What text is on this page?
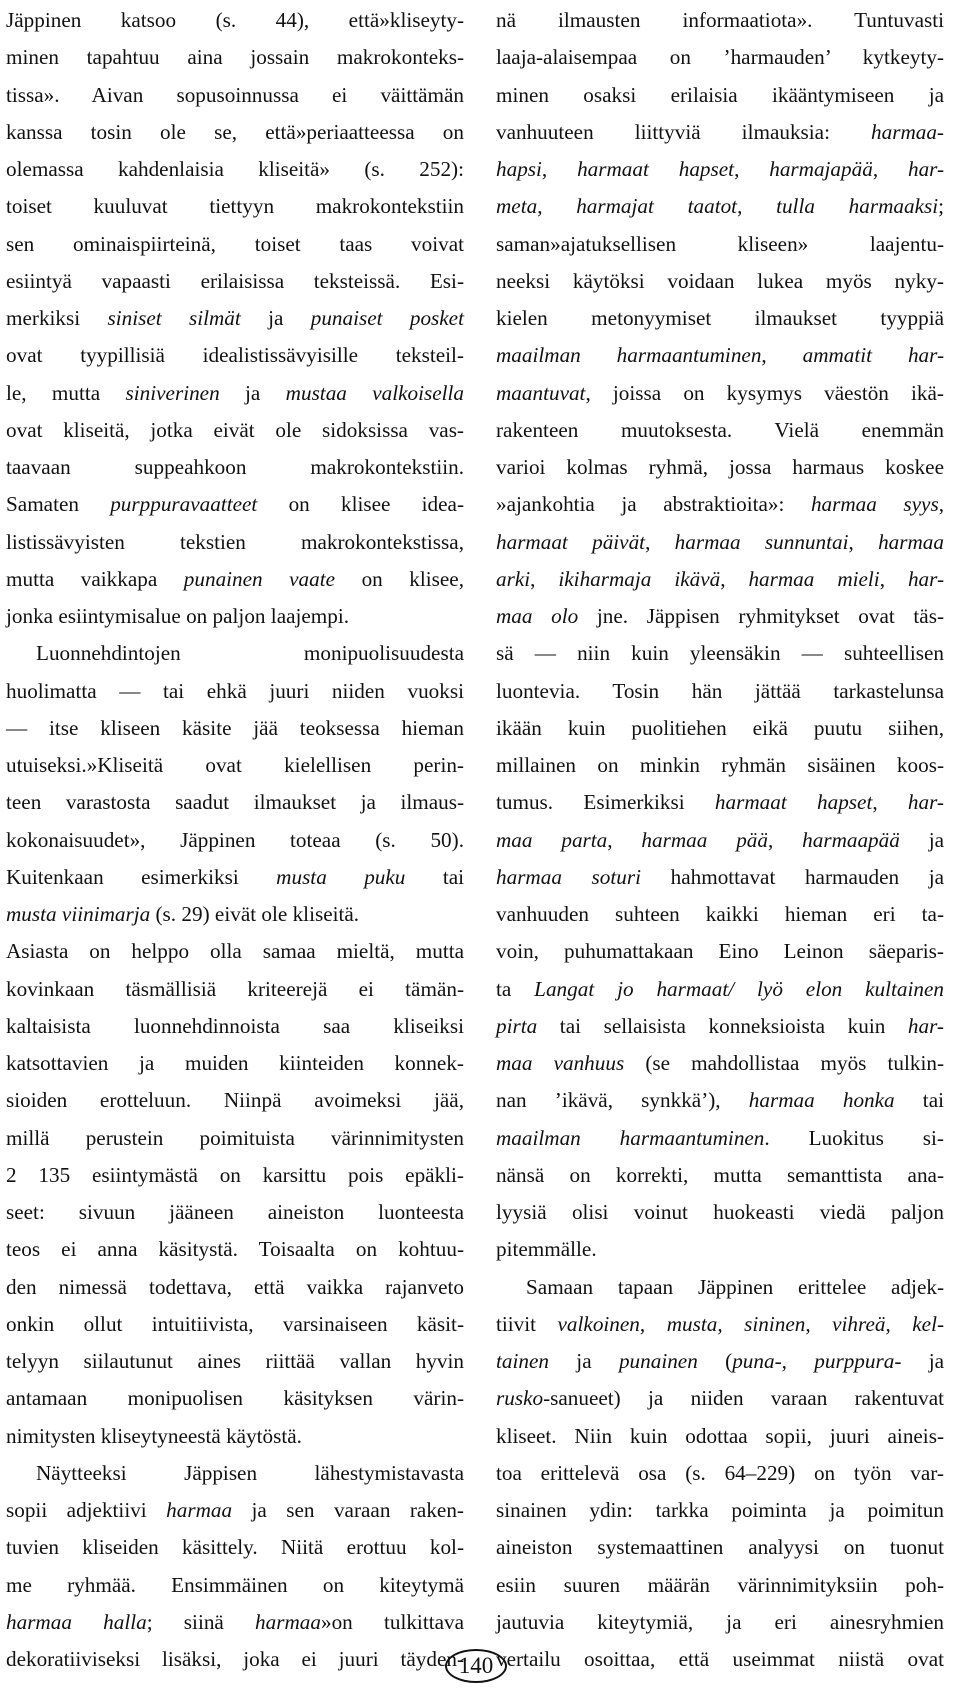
Jäppinen katsoo (s. 44), että»kliseyty-
minen tapahtuu aina jossain makrokonteks-
tissa». Aivan sopusoinnussa ei väittämän
kanssa tosin ole se, että»periaatteessa on
olemassa kahdenlaisia kliseitä» (s. 252):
toiset kuuluvat tiettyyn makrokontekstiin
sen ominaispiirteinä, toiset taas voivat
esiintyä vapaasti erilaisissa teksteissä. Esi-
merkiksi siniset silmät ja punaiset posket
ovat tyypillisiä idealistissävyisille teksteil-
le, mutta siniverinen ja mustaa valkoisella
ovat kliseitä, jotka eivät ole sidoksissa vas-
taavaan suppeahkoon makrokontekstiin.
Samaten purppuravaatteet on klisee idea-
listissävyisten tekstien makrokontekstissa,
mutta vaikkapa punainen vaate on klisee,
jonka esiintymisalue on paljon laajempi.
Luonnehdintojen monipuolisuudesta
huolimatta — tai ehkä juuri niiden vuoksi
— itse kliseen käsite jää teoksessa hieman
utuiseksi.»Kliseitä ovat kielellisen perin-
teen varastosta saadut ilmaukset ja ilmaus-
kokonaisuudet», Jäppinen toteaa (s. 50).
Kuitenkaan esimerkiksi musta puku tai
musta viinimarja (s. 29) eivät ole kliseitä.
Asiasta on helppo olla samaa mieltä, mutta
kovinkaan täsmällisiä kriteerejä ei tämän-
kaltaisista luonnehdinnoista saa kliseiksi
katsottavien ja muiden kiinteiden konnek-
sioiden erotteluun. Niinpä avoimeksi jää,
millä perustein poimituista värinnimitysten
2 135 esiintymästä on karsittu pois epäkli-
seet: sivuun jääneen aineiston luonteesta
teos ei anna käsitystä. Toisaalta on kohtuu-
den nimessä todettava, että vaikka rajanveto
onkin ollut intuitiivista, varsinaiseen käsit-
telyyn siilautunut aines riittää vallan hyvin
antamaan monipuolisen käsityksen värin-
nimitysten kliseytyneestä käytöstä.
Näytteeksi Jäppisen lähestymistavasta
sopii adjektiivi harmaa ja sen varaan raken-
tuvien kliseiden käsittely. Niitä erottuu kol-
me ryhmää. Ensimmäinen on kiteytymä
harmaa halla; siinä harmaa»on tulkittava
dekoratiiviseksi lisäksi, joka ei juuri täyden-
nä ilmausten informaatiota». Tuntuvasti
laaja-alaisempaa on ’harmauden’ kytkeyty-
minen osaksi erilaisia ikääntymiseen ja
vanhuuteen liittyviä ilmauksia: harmaa-
hapsi, harmaat hapset, harmajapää, har-
meta, harmajat taatot, tulla harmaaksi;
saman»ajatuksellisen kliseen» laajentu-
neeksi käytöksi voidaan lukea myös nyky-
kielen metonyymiset ilmaukset tyyppiä
maailman harmaantuminen, ammatit har-
maantuvat, joissa on kysymys väestön ikä-
rakenteen muutoksesta. Vielä enemmän
varioi kolmas ryhmä, jossa harmaus koskee
»ajankohtia ja abstraktioita»: harmaa syys,
harmaat päivät, harmaa sunnuntai, harmaa
arki, ikiharmaja ikävä, harmaa mieli, har-
maa olo jne. Jäppisen ryhmitykset ovat täs-
sä — niin kuin yleensäkin — suhteellisen
luontevia. Tosin hän jättää tarkastelunsa
ikään kuin puolitiehen eikä puutu siihen,
millainen on minkin ryhmän sisäinen koos-
tumus. Esimerkiksi harmaat hapset, har-
maa parta, harmaa pää, harmaapää ja
harmaa soturi hahmottavat harmauden ja
vanhuuden suhteen kaikki hieman eri ta-
voin, puhumattakaan Eino Leinon säeparis-
ta Langat jo harmaat/ lyö elon kultainen
pirta tai sellaisista konneksioista kuin har-
maa vanhuus (se mahdollistaa myös tulkin-
nan ’ikävä, synkkä’), harmaa honka tai
maailman harmaantuminen. Luokitus si-
nänsä on korrekti, mutta semanttista ana-
lyysiä olisi voinut huokeasti viedä paljon
pitemmälle.
Samaan tapaan Jäppinen erittelee adjek-
tiivit valkoinen, musta, sininen, vihreä, kel-
tainen ja punainen (puna-, purppura- ja
rusko-sanueet) ja niiden varaan rakentuvat
kliseet. Niin kuin odottaa sopii, juuri aineis-
toa erittelevä osa (s. 64–229) on työn var-
sinainen ydin: tarkka poiminta ja poimitun
aineiston systemaattinen analyysi on tuonut
esiin suuren määrän värinnimityksiin poh-
jautuvia kiteytymiä, ja eri ainesryhmien
vertailu osoittaa, että useimmat niistä ovat
140
